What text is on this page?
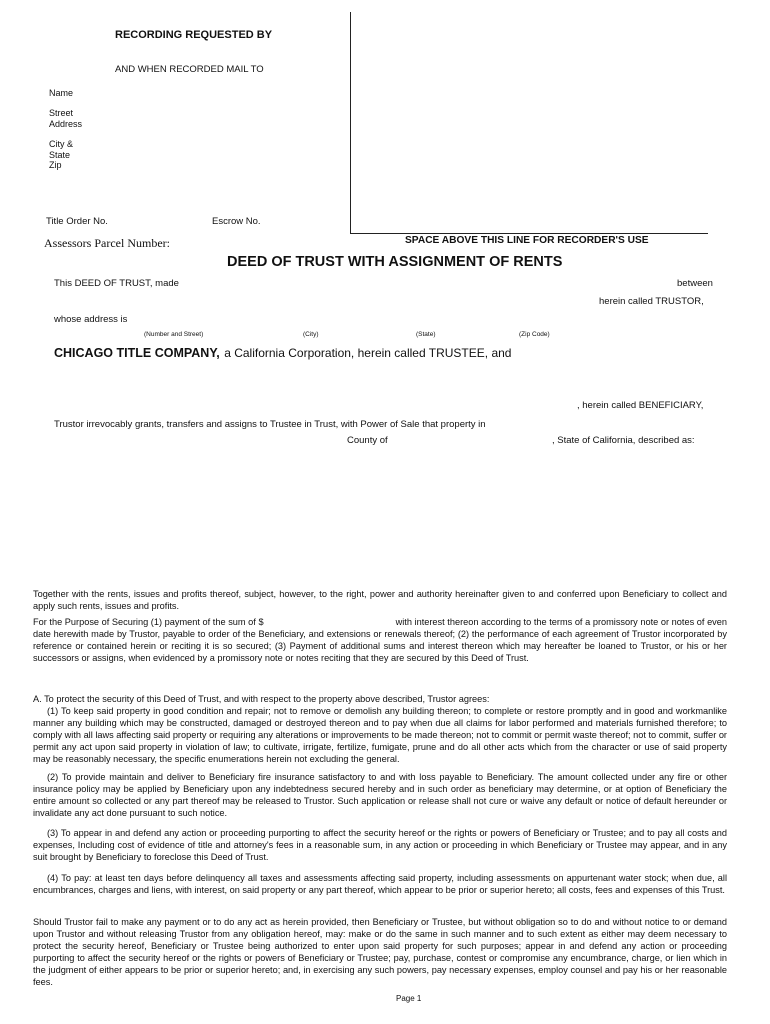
RECORDING REQUESTED BY
AND WHEN RECORDED MAIL TO
Name
Street
Address
City &
State
Zip
Title Order No.	Escrow No.
Assessors Parcel Number:	SPACE ABOVE THIS LINE FOR RECORDER'S USE
DEED OF TRUST WITH ASSIGNMENT OF RENTS
This DEED OF TRUST, made	between
herein called TRUSTOR,
whose address is
(Number and Street)	(City)	(State)	(Zip Code)
CHICAGO TITLE COMPANY, a California Corporation, herein called TRUSTEE, and
, herein called BENEFICIARY,
Trustor irrevocably grants, transfers and assigns to Trustee in Trust, with Power of Sale that property in
County of	, State of California, described as:

Together with the rents, issues and profits thereof, subject, however, to the right, power and authority hereinafter given to and conferred upon Beneficiary to collect and apply such rents, issues and profits.

For the Purpose of Securing (1) payment of the sum of $	with interest thereon according to the terms of a promissory note or notes of even date herewith made by Trustor, payable to order of the Beneficiary, and extensions or renewals thereof; (2) the performance of each agreement of Trustor incorporated by reference or contained herein or reciting it is so secured; (3) Payment of additional sums and interest thereon which may hereafter be loaned to Trustor, or his or her successors or assigns, when evidenced by a promissory note or notes reciting that they are secured by this Deed of Trust.

A. To protect the security of this Deed of Trust, and with respect to the property above described, Trustor agrees:

(1) To keep said property in good condition and repair; not to remove or demolish any building thereon; to complete or restore promptly and in good and workmanlike manner any building which may be constructed, damaged or destroyed thereon and to pay when due all claims for labor performed and materials furnished therefore; to comply with all laws affecting said property or requiring any alterations or improvements to be made thereon; not to commit or permit waste thereof; not to commit, suffer or permit any act upon said property in violation of law; to cultivate, irrigate, fertilize, fumigate, prune and do all other acts which from the character or use of said property may be reasonably necessary, the specific enumerations herein not excluding the general.

(2) To provide maintain and deliver to Beneficiary fire insurance satisfactory to and with loss payable to Beneficiary. The amount collected under any fire or other insurance policy may be applied by Beneficiary upon any indebtedness secured hereby and in such order as beneficiary may determine, or at option of Beneficiary the entire amount so collected or any part thereof may be released to Trustor. Such application or release shall not cure or waive any default or notice of default hereunder or invalidate any act done pursuant to such notice.

(3) To appear in and defend any action or proceeding purporting to affect the security hereof or the rights or powers of Beneficiary or Trustee; and to pay all costs and expenses, Including cost of evidence of title and attorney's fees in a reasonable sum, in any action or proceeding in which Beneficiary or Trustee may appear, and in any suit brought by Beneficiary to foreclose this Deed of Trust.

(4) To pay: at least ten days before delinquency all taxes and assessments affecting said property, including assessments on appurtenant water stock; when due, all encumbrances, charges and liens, with interest, on said property or any part thereof, which appear to be prior or superior hereto; all costs, fees and expenses of this Trust.

Should Trustor fail to make any payment or to do any act as herein provided, then Beneficiary or Trustee, but without obligation so to do and without notice to or demand upon Trustor and without releasing Trustor from any obligation hereof, may: make or do the same in such manner and to such extent as either may deem necessary to protect the security hereof, Beneficiary or Trustee being authorized to enter upon said property for such purposes; appear in and defend any action or proceeding purporting to affect the security hereof or the rights or powers of Beneficiary or Trustee; pay, purchase, contest or compromise any encumbrance, charge, or lien which in the judgment of either appears to be prior or superior hereto; and, in exercising any such powers, pay necessary expenses, employ counsel and pay his or her reasonable fees.

Page 1
